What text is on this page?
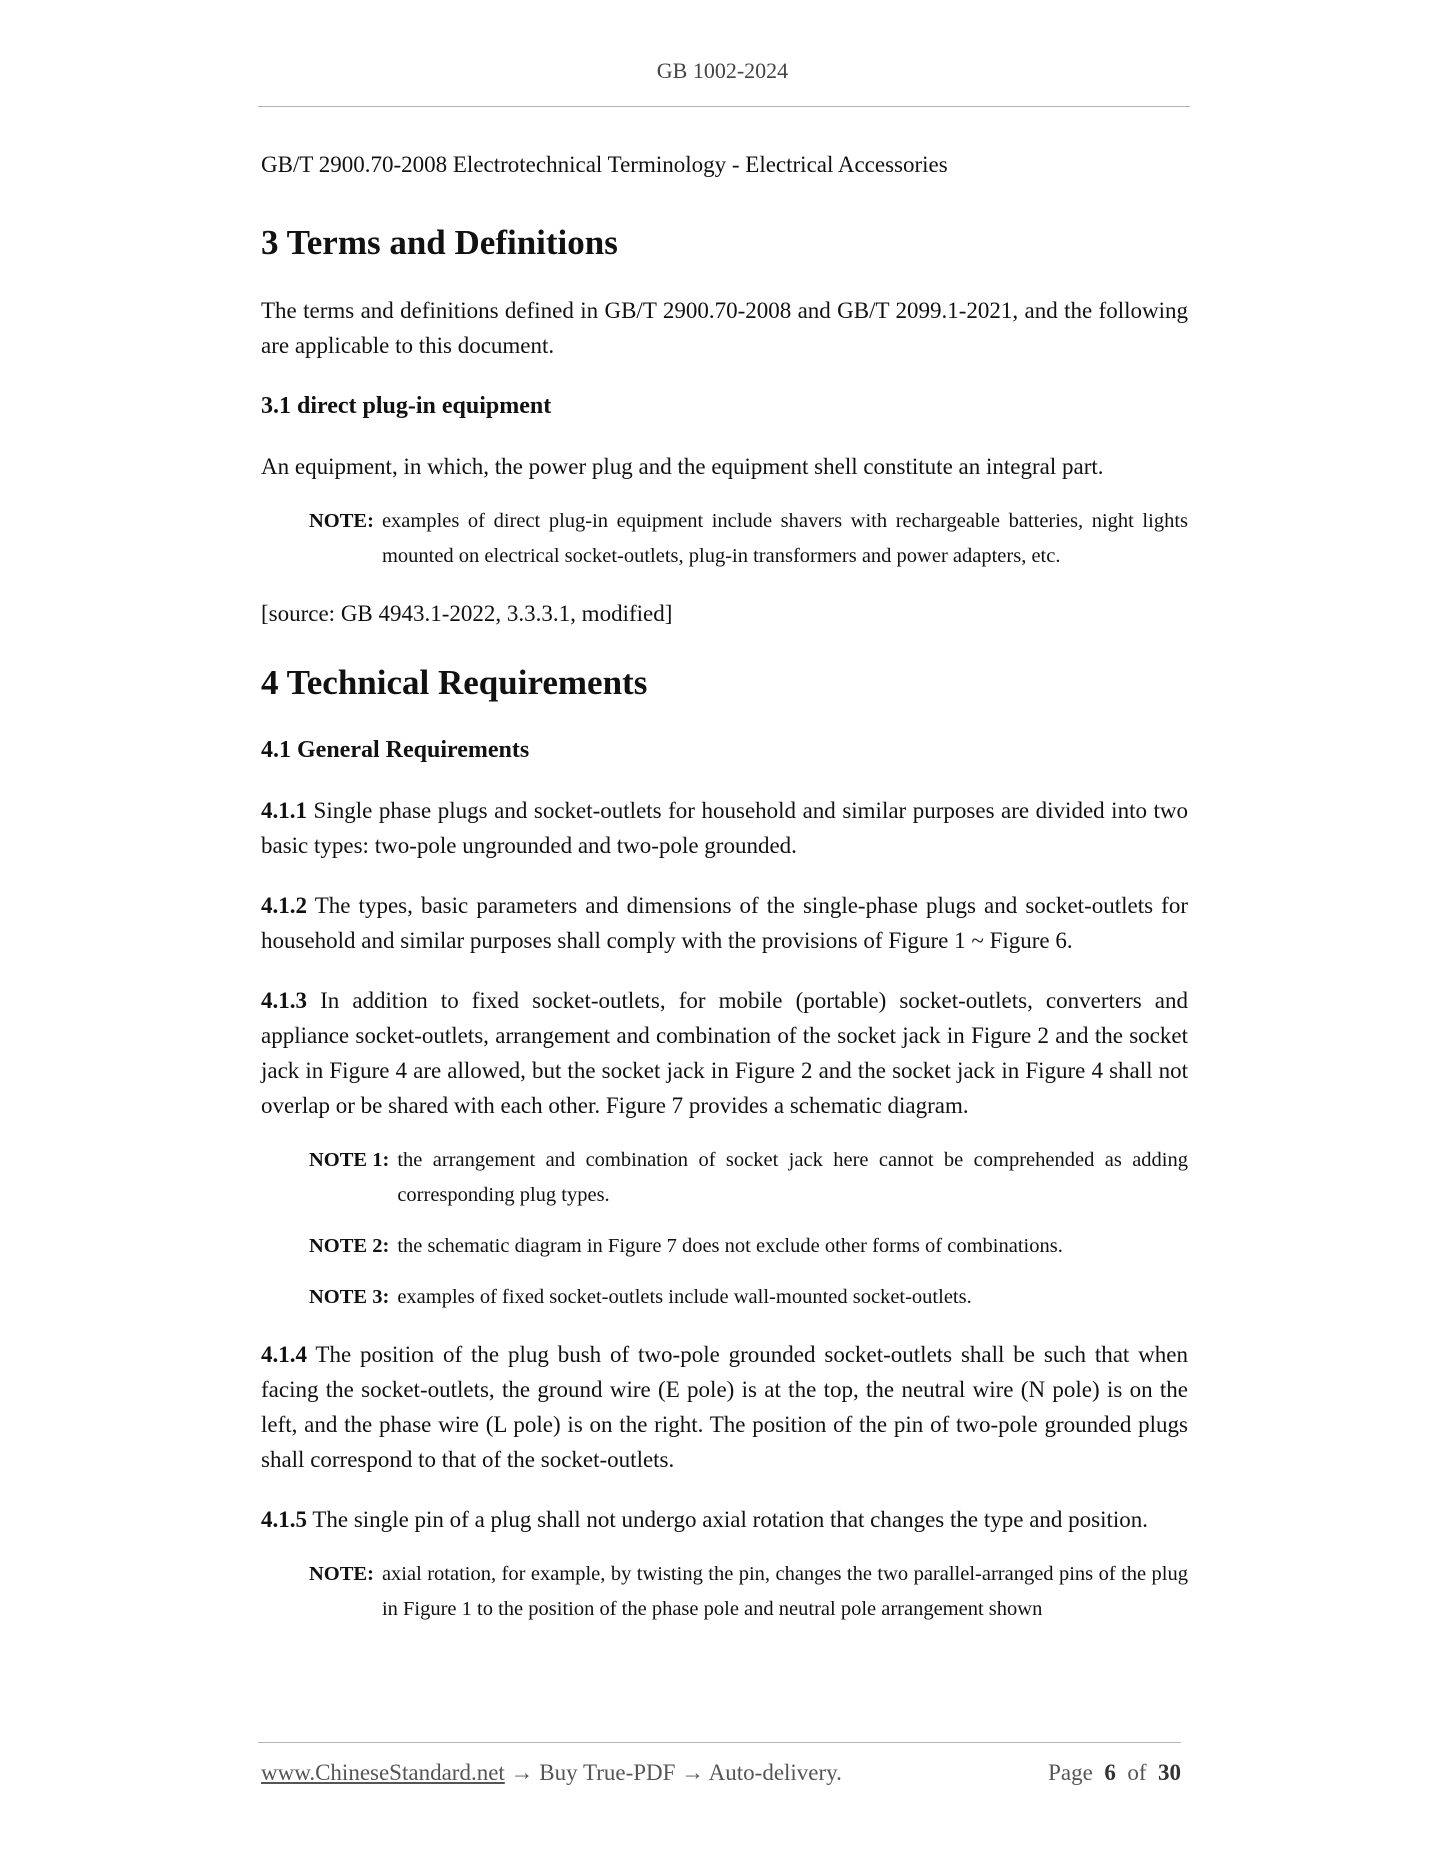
GB 1002-2024

GB/T 2900.70-2008 Electrotechnical Terminology - Electrical Accessories

3 Terms and Definitions

The terms and definitions defined in GB/T 2900.70-2008 and GB/T 2099.1-2021, and the following are applicable to this document.

3.1 direct plug-in equipment

An equipment, in which, the power plug and the equipment shell constitute an integral part.

NOTE: examples of direct plug-in equipment include shavers with rechargeable batteries, night lights mounted on electrical socket-outlets, plug-in transformers and power adapters, etc.

[source: GB 4943.1-2022, 3.3.3.1, modified]

4 Technical Requirements
4.1 General Requirements

4.1.1 Single phase plugs and socket-outlets for household and similar purposes are divided into two basic types: two-pole ungrounded and two-pole grounded.

4.1.2 The types, basic parameters and dimensions of the single-phase plugs and socket-outlets for household and similar purposes shall comply with the provisions of Figure 1 ~ Figure 6.

4.1.3 In addition to fixed socket-outlets, for mobile (portable) socket-outlets, converters and appliance socket-outlets, arrangement and combination of the socket jack in Figure 2 and the socket jack in Figure 4 are allowed, but the socket jack in Figure 2 and the socket jack in Figure 4 shall not overlap or be shared with each other. Figure 7 provides a schematic diagram.

NOTE 1: the arrangement and combination of socket jack here cannot be comprehended as adding corresponding plug types.
NOTE 2: the schematic diagram in Figure 7 does not exclude other forms of combinations.
NOTE 3: examples of fixed socket-outlets include wall-mounted socket-outlets.

4.1.4 The position of the plug bush of two-pole grounded socket-outlets shall be such that when facing the socket-outlets, the ground wire (E pole) is at the top, the neutral wire (N pole) is on the left, and the phase wire (L pole) is on the right. The position of the pin of two-pole grounded plugs shall correspond to that of the socket-outlets.

4.1.5 The single pin of a plug shall not undergo axial rotation that changes the type and position.

NOTE: axial rotation, for example, by twisting the pin, changes the two parallel-arranged pins of the plug in Figure 1 to the position of the phase pole and neutral pole arrangement shown
www.ChineseStandard.net → Buy True-PDF → Auto-delivery.	Page 6 of 30
